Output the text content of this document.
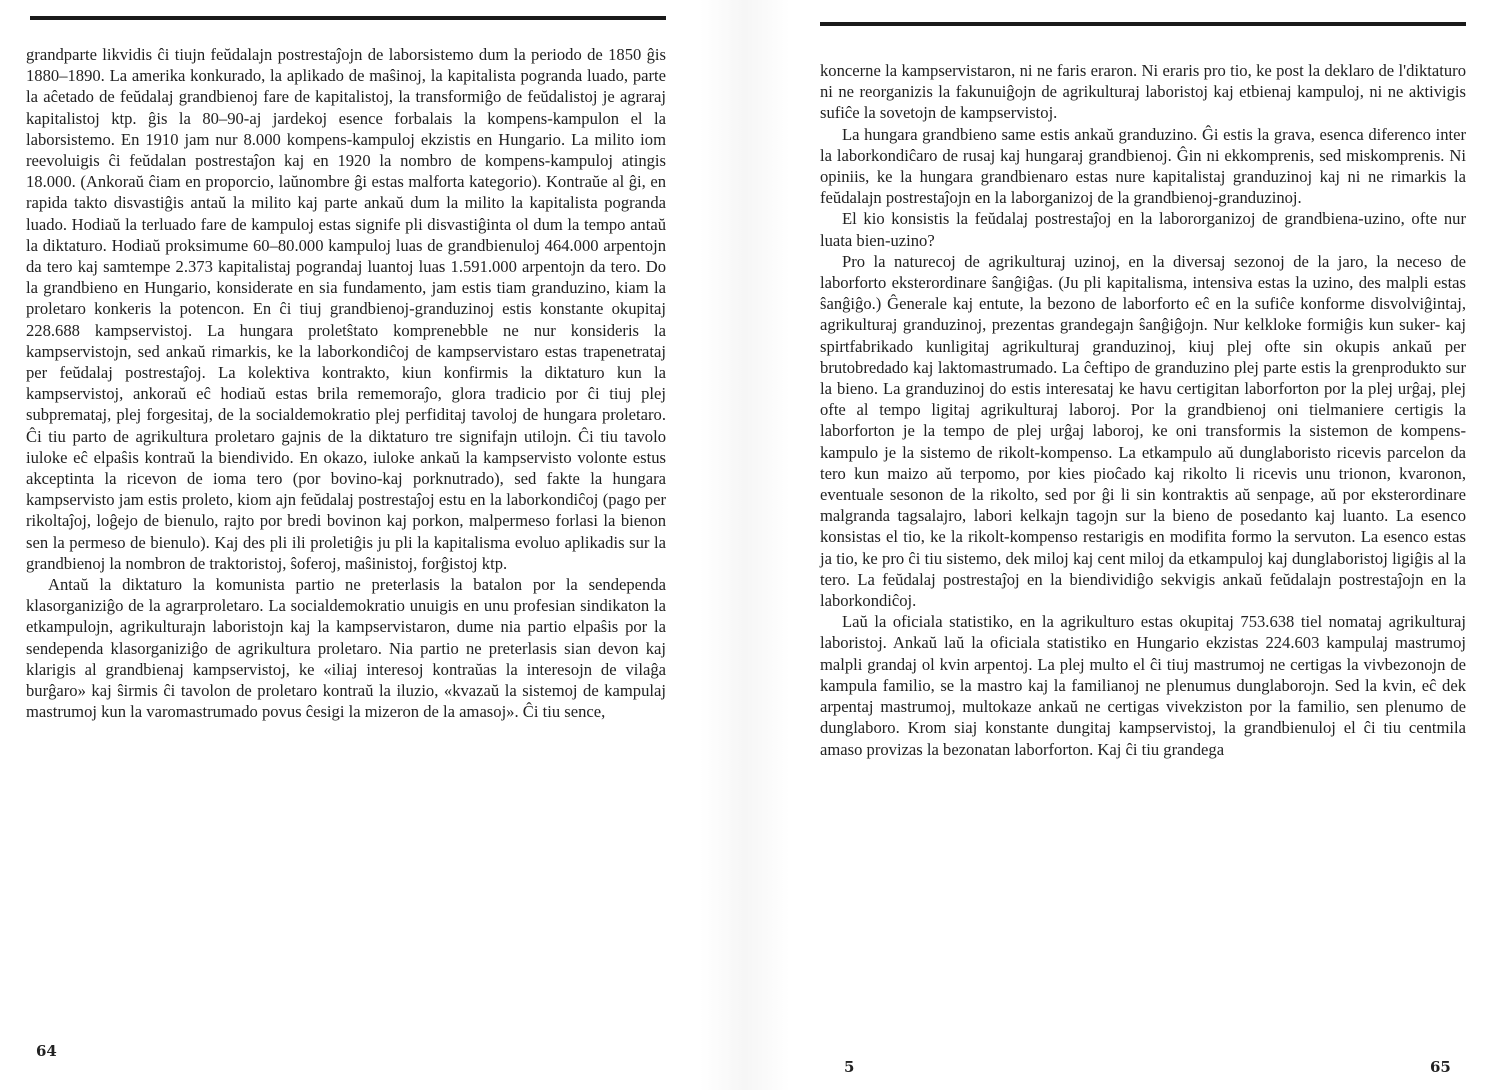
grandparte likvidis ĉi tiujn feŭdalajn postrestaĵojn de laborsistemo dum la periodo de 1850 ĝis 1880–1890. La amerika konkurado, la aplikado de maŝinoj, la kapitalista pogranda luado, parte la aĉetado de feŭdalaj grandbienoj fare de kapitalistoj, la transformiĝo de feŭdalistoj je agraraj kapitalistoj ktp. ĝis la 80–90-aj jardekoj esence forbalais la kompens-kampulon el la laborsistemo. En 1910 jam nur 8.000 kompens-kampuloj ekzistis en Hungario. La milito iom reevoluigis ĉi feŭdalan postrestaĵon kaj en 1920 la nombro de kompens-kampuloj atingis 18.000. (Ankoraŭ ĉiam en proporcio, laŭnombre ĝi estas malforta kategorio). Kontraŭe al ĝi, en rapida takto disvastiĝis antaŭ la milito kaj parte ankaŭ dum la milito la kapitalista pogranda luado. Hodiaŭ la terluado fare de kampuloj estas signife pli disvastiĝinta ol dum la tempo antaŭ la diktaturo. Hodiaŭ proksimume 60–80.000 kampuloj luas de grandbienuloj 464.000 arpentojn da tero kaj samtempe 2.373 kapitalistaj pograndaj luantoj luas 1.591.000 arpentojn da tero. Do la grandbieno en Hungario, konsiderate en sia fundamento, jam estis tiam granduzino, kiam la proletaro konkeris la potencon. En ĉi tiuj grandbienoj-granduzinoj estis konstante okupitaj 228.688 kampservistoj. La hungara proletŝtato komprenebble ne nur konsideris la kampservistojn, sed ankaŭ rimarkis, ke la laborkondiĉoj de kampservistaro estas trapenetrataj per feŭdalaj postrestaĵoj. La kolektiva kontrakto, kiun konfirmis la diktaturo kun la kampservistoj, ankoraŭ eĉ hodiaŭ estas brila rememoraĵo, glora tradicio por ĉi tiuj plej subpremataj, plej forgesitaj, de la socialdemokratio plej perfiditaj tavoloj de hungara proletaro. Ĉi tiu parto de agrikultura proletaro gajnis de la diktaturo tre signifajn utilojn. Ĉi tiu tavolo iuloke eĉ elpaŝis kontraŭ la biendivido. En okazo, iuloke ankaŭ la kampservisto volonte estus akceptinta la ricevon de ioma tero (por bovino-kaj porknutrado), sed fakte la hungara kampservisto jam estis proleto, kiom ajn feŭdalaj postrestaĵoj estu en la laborkondiĉoj (pago per rikoltaĵoj, loĝejo de bienulo, rajto por bredi bovinon kaj porkon, malpermeso forlasi la bienon sen la permeso de bienulo). Kaj des pli ili proletiĝis ju pli la kapitalisma evoluo aplikadis sur la grandbienoj la nombron de traktoristoj, ŝoferoj, maŝinistoj, forĝistoj ktp.

Antaŭ la diktaturo la komunista partio ne preterlasis la batalon por la sendependa klasorganiziĝo de la agrarproletaro. La socialdemokratio unuigis en unu profesian sindikaton la etkampulojn, agrikulturajn laboristojn kaj la kampservistaron, dume nia partio elpaŝis por la sendependa klasorganiziĝo de agrikultura proletaro. Nia partio ne preterlasis sian devon kaj klarigis al grandbienaj kampservistoj, ke «iliaj interesoj kontraŭas la interesojn de vilaĝa burĝaro» kaj ŝirmis ĉi tavolon de proletaro kontraŭ la iluzio, «kvazaŭ la sistemoj de kampulaj mastrumoj kun la varomastrumado povus ĉesigi la mizeron de la amasoj». Ĉi tiu sence,

64

koncerne la kampservistaron, ni ne faris eraron. Ni eraris pro tio, ke post la deklaro de l'diktaturo ni ne reorganizis la fakunuiĝojn de agrikulturaj laboristoj kaj etbienaj kampuloj, ni ne aktivigis sufiĉe la sovetojn de kampservistoj.

La hungara grandbieno same estis ankaŭ granduzino. Ĝi estis la grava, esenca diferenco inter la laborkondiĉaro de rusaj kaj hungaraj grandbienoj. Ĝin ni ekkomprenis, sed miskomprenis. Ni opiniis, ke la hungara grandbienaro estas nure kapitalistaj granduzinoj kaj ni ne rimarkis la feŭdalajn postrestaĵojn en la laborganizoj de la grandbienoj-granduzinoj.

El kio konsistis la feŭdalaj postrestaĵoj en la labororganizoj de grandbiena-uzino, ofte nur luata bien-uzino?

Pro la naturecoj de agrikulturaj uzinoj, en la diversaj sezonoj de la jaro, la neceso de laborforto eksterordinare ŝanĝiĝas. (Ju pli kapitalisma, intensiva estas la uzino, des malpli estas ŝanĝiĝo.) Ĝenerale kaj entute, la bezono de laborforto eĉ en la sufiĉe konforme disvolviĝintaj, agrikulturaj granduzinoj, prezentas grandegajn ŝanĝiĝojn. Nur kelkloke formiĝis kun suker- kaj spirtfabrikado kunligitaj agrikulturaj granduzinoj, kiuj plej ofte sin okupis ankaŭ per brutobredado kaj laktomastrumado. La ĉeftipo de granduzino plej parte estis la grenprodukto sur la bieno. La granduzinoj do estis interesataj ke havu certigitan laborforton por la plej urĝaj, plej ofte al tempo ligitaj agrikulturaj laboroj. Por la grandbienoj oni tielmaniere certigis la laborforton je la tempo de plej urĝaj laboroj, ke oni transformis la sistemon de kompens-kampulo je la sistemo de rikolt-kompenso. La etkampulo aŭ dunglaboristo ricevis parcelon da tero kun maizo aŭ terpomo, por kies pioĉado kaj rikolto li ricevis unu trionon, kvaronon, eventuale sesonon de la rikolto, sed por ĝi li sin kontraktis aŭ senpage, aŭ por eksterordinare malgranda tagsalajro, labori kelkajn tagojn sur la bieno de posedanto kaj luanto. La esenco konsistas el tio, ke la rikolt-kompenso restarigis en modifita formo la servuton. La esenco estas ja tio, ke pro ĉi tiu sistemo, dek miloj kaj cent miloj da etkampuloj kaj dunglaboristoj ligiĝis al la tero. La feŭdalaj postrestaĵoj en la biendividiĝo sekvigis ankaŭ feŭdalajn postrestaĵojn en la laborkondiĉoj.

Laŭ la oficiala statistiko, en la agrikulturo estas okupitaj 753.638 tiel nomataj agrikulturaj laboristoj. Ankaŭ laŭ la oficiala statistiko en Hungario ekzistas 224.603 kampulaj mastrumoj malpli grandaj ol kvin arpentoj. La plej multo el ĉi tiuj mastrumoj ne certigas la vivbezonojn de kampula familio, se la mastro kaj la familianoj ne plenumus dunglaborojn. Sed la kvin, eĉ dek arpentaj mastrumoj, multokaze ankaŭ ne certigas vivekziston por la familio, sen plenumo de dunglaboro. Krom siaj konstante dungitaj kampservistoj, la grandbienuloj el ĉi tiu centmila amaso provizas la bezonatan laborforton. Kaj ĉi tiu grandega

5	65
